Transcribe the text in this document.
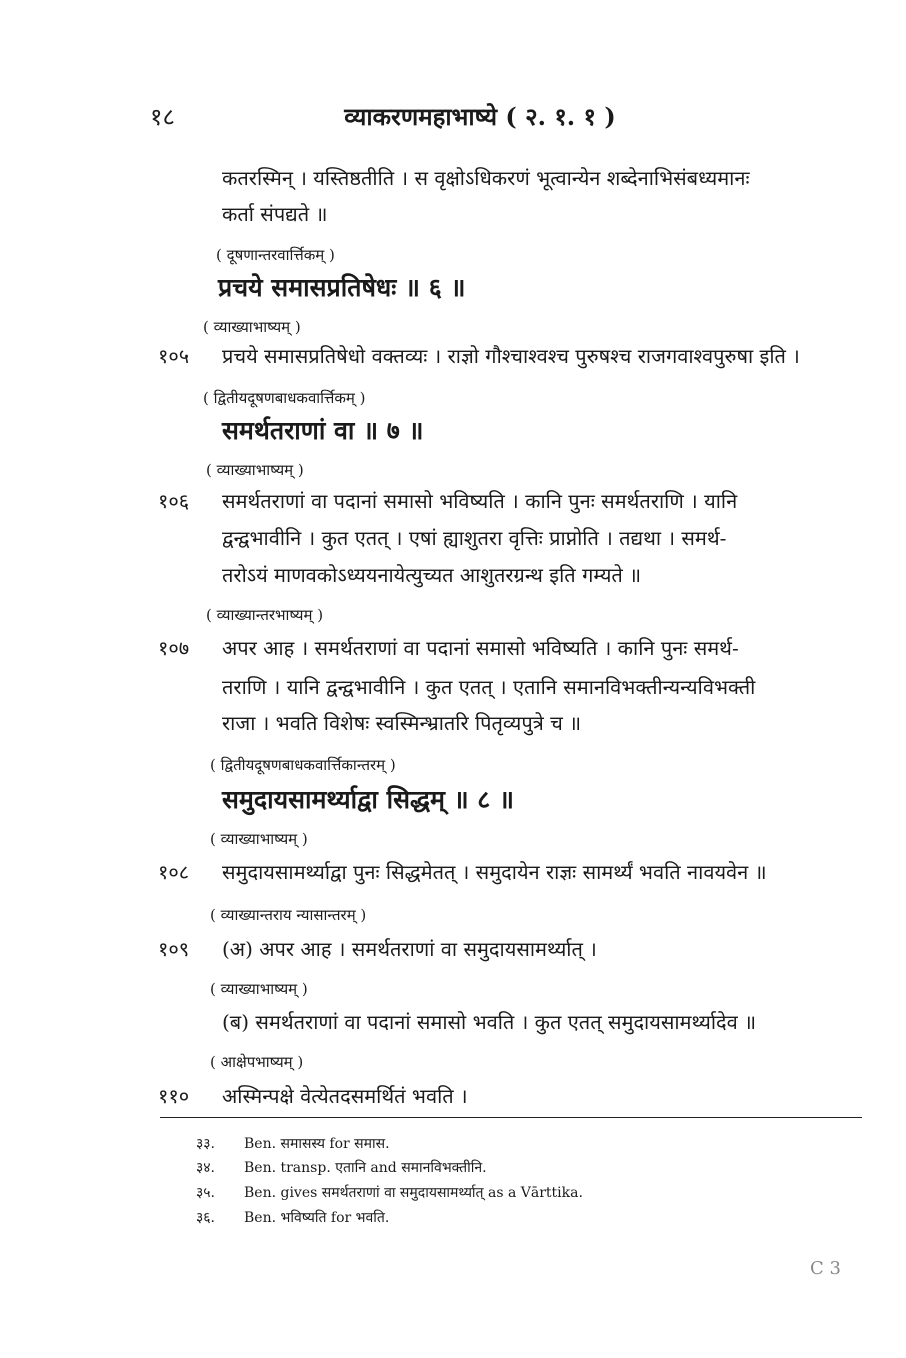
१८	व्याकरणमहाभाष्ये ( २. १. १ )
कतरस्मिन् । यस्तिष्ठतीति । स वृक्षोऽधिकरणं भूत्वान्येन शब्देनाभिसंबध्यमानः
कर्ता संपद्यते ॥
( दूषणान्तरवार्त्तिकम् )
प्रचये समासप्रतिषेधः ॥ ६ ॥
( व्याख्याभाष्यम् )
१०५ प्रचये समासप्रतिषेधो वक्तव्यः । राज्ञो गौश्चाश्वश्च पुरुषश्च राजगवाश्वपुरुषा इति ।
( द्वितीयदूषणबाधकवार्त्तिकम् )
समर्थतराणां वा ॥ ७ ॥
( व्याख्याभाष्यम् )
१०६ समर्थतराणां वा पदानां समासो भविष्यति । कानि पुनः समर्थतराणि । यानि
द्वन्द्वभावीनि । कुत एतत् । एषां ह्याशुतरा वृत्तिः प्राप्नोति । तद्यथा । समर्थ-
तरोऽयं माणवकोऽध्ययनायेत्युच्यत आशुतरग्रन्थ इति गम्यते ॥
( व्याख्यान्तरभाष्यम् )
१०७ अपर आह । समर्थतराणां वा पदानां समासो भविष्यति । कानि पुनः समर्थ-
तराणि । यानि द्वन्द्वभावीनि । कुत एतत् । एतानि समानविभक्तीन्यन्यविभक्ती
राजा । भवति विशेषः स्वस्मिन्भ्रातरि पितृव्यपुत्रे च ॥
( द्वितीयदूषणबाधकवार्त्तिकान्तरम् )
समुदायसामर्थ्याद्वा सिद्धम् ॥ ८ ॥
( व्याख्याभाष्यम् )
१०८ समुदायसामर्थ्याद्वा पुनः सिद्धमेतत् । समुदायेन राज्ञः सामर्थ्यं भवति नावयवेन ॥
( व्याख्यान्तराय न्यासान्तरम् )
१०९ (अ) अपर आह । समर्थतराणां वा समुदायसामर्थ्यात् ।
( व्याख्याभाष्यम् )
(ब) समर्थतराणां वा पदानां समासो भवति । कुत एतत् समुदायसामर्थ्यादेव ॥
( आक्षेपभाष्यम् )
११० अस्मिन्पक्षे वेत्येतदसमर्थितं भवति ।
३३. Ben. समासस्य for समास.
३४. Ben. transp. एतानि and समानविभक्तीनि.
३५. Ben. gives समर्थतराणां वा समुदायसामर्थ्यात् as a Vārttika.
३६. Ben. भविष्यति for भवति.
C 3
